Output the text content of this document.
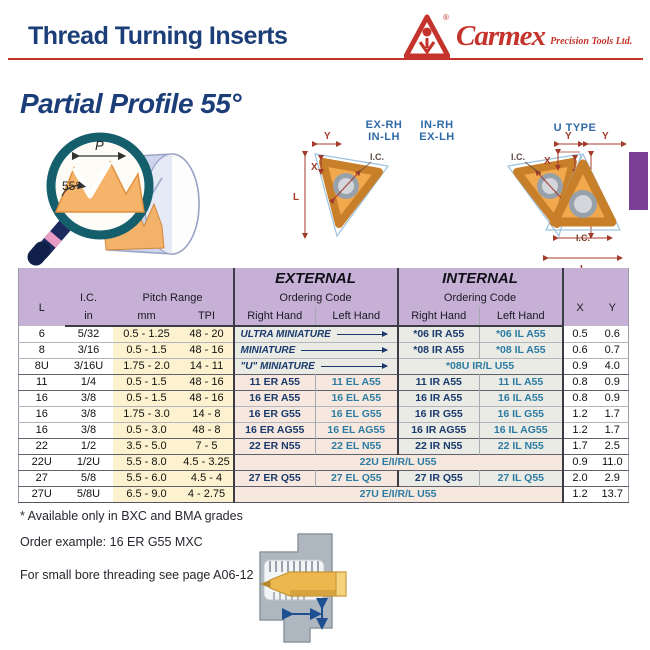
Thread Turning Inserts
®
Carmex Precision Tools Ltd.
Partial Profile 55°
P
55°
EX-RH
IN-LH
IN-RH
EX-LH
U TYPE
L
Y
X
I.C.
Y
I.C. X
Y
I.C.
				EXTERNAL		INTERNAL			
L	I.C.	Pitch Range		Ordering Code		Ordering Code		X	Y
	in	mm	TPI	Right Hand	Left Hand	Right Hand	Left Hand		
6	5/32	0.5 - 1.25	48 - 20	ULTRA MINIATURE		*06 IR A55	*06 IL A55	0.5	0.6
8	3/16	0.5 - 1.5	48 - 16	MINIATURE		*08 IR A55	*08 IL A55	0.6	0.7
8U	3/16U	1.75 - 2.0	14 - 11	"U" MINIATURE		*08U IR/L U55		0.9	4.0
11	1/4	0.5 - 1.5	48 - 16	11 ER A55	11 EL A55	11 IR A55	11 IL A55	0.8	0.9
16	3/8	0.5 - 1.5	48 - 16	16 ER A55	16 EL A55	16 IR A55	16 IL A55	0.8	0.9
16	3/8	1.75 - 3.0	14 - 8	16 ER G55	16 EL G55	16 IR G55	16 IL G55	1.2	1.7
16	3/8	0.5 - 3.0	48 - 8	16 ER AG55	16 EL AG55	16 IR AG55	16 IL AG55	1.2	1.7
22	1/2	3.5 - 5.0	7 - 5	22 ER N55	22 EL N55	22 IR N55	22 IL N55	1.7	2.5
22U	1/2U	5.5 - 8.0	4.5 - 3.25	22U E/I/R/L U55				0.9	11.0
27	5/8	5.5 - 6.0	4.5 - 4	27 ER Q55	27 EL Q55	27 IR Q55	27 IL Q55	2.0	2.9
27U	5/8U	6.5 - 9.0	4 - 2.75	27U E/I/R/L U55				1.2	13.7
* Available only in BXC and BMA grades
Order example: 16 ER G55 MXC
For small bore threading see page A06-12
